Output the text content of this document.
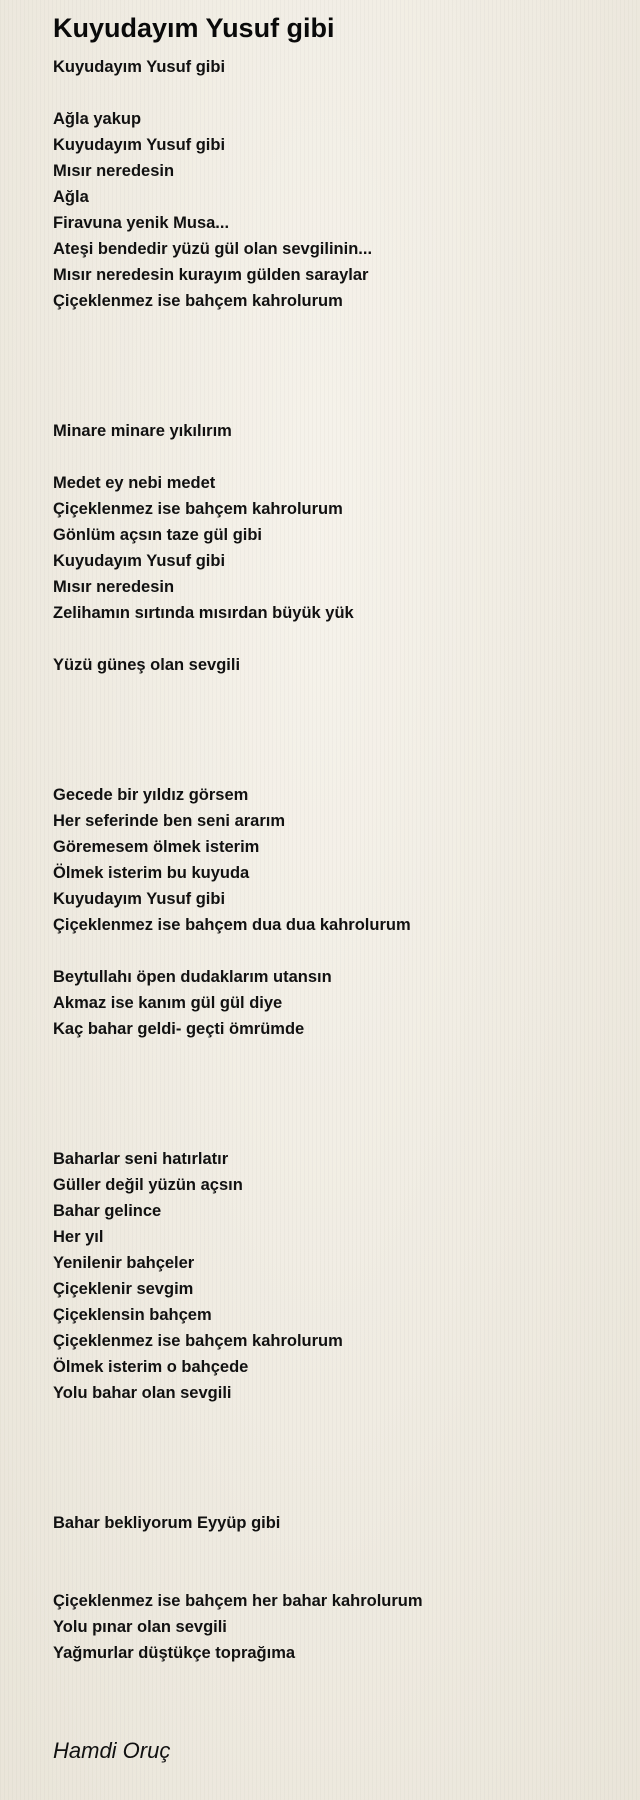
Kuyudayım Yusuf gibi
Kuyudayım Yusuf gibi
Ağla yakup
Kuyudayım Yusuf gibi
Mısır neredesin
Ağla
Firavuna yenik Musa...
Ateşi bendedir yüzü gül olan sevgilinin...
Mısır neredesin kurayım gülden saraylar
Çiçeklenmez ise bahçem kahrolurum
Minare minare yıkılırım
Medet ey nebi medet
Çiçeklenmez ise bahçem kahrolurum
Gönlüm açsın taze gül gibi
Kuyudayım Yusuf gibi
Mısır neredesin
Zelihamın sırtında mısırdan büyük yük
Yüzü güneş olan sevgili
Gecede bir yıldız görsem
Her seferinde ben seni ararım
Göremesem ölmek isterim
Ölmek isterim bu kuyuda
Kuyudayım Yusuf gibi
Çiçeklenmez ise bahçem dua dua kahrolurum
Beytullahı öpen dudaklarım utansın
Akmaz ise kanım gül gül diye
Kaç bahar geldi- geçti ömrümde
Baharlar seni hatırlatır
Güller değil yüzün açsın
Bahar gelince
Her yıl
Yenilenir bahçeler
Çiçeklenir sevgim
Çiçeklensin bahçem
Çiçeklenmez ise bahçem kahrolurum
Ölmek isterim o bahçede
Yolu bahar olan sevgili
Bahar bekliyorum Eyyüp gibi
Çiçeklenmez ise bahçem her bahar kahrolurum
Yolu pınar olan sevgili
Yağmurlar düştükçe toprağıma
Hamdi Oruç
